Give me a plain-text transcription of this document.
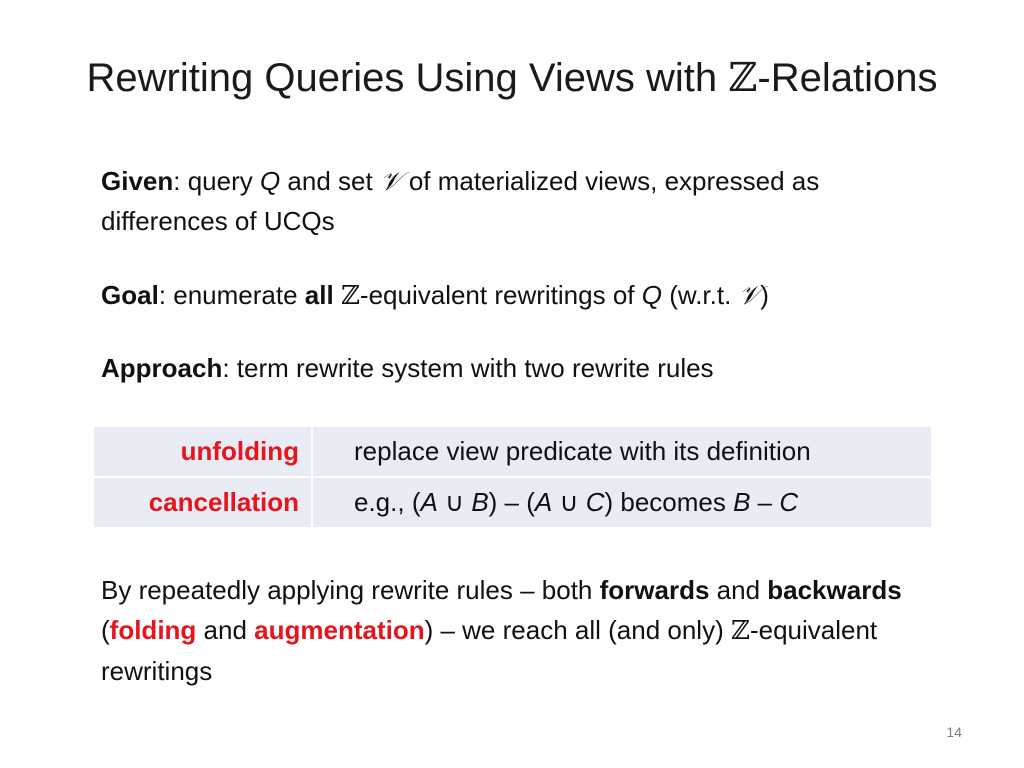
Rewriting Queries Using Views with ℤ-Relations
Given: query Q and set 𝒱 of materialized views, expressed as differences of UCQs
Goal: enumerate all ℤ-equivalent rewritings of Q (w.r.t. 𝒱)
Approach: term rewrite system with two rewrite rules
unfolding	replace view predicate with its definition
cancellation	e.g., (A ∪ B) – (A ∪ C) becomes B – C
By repeatedly applying rewrite rules – both forwards and backwards (folding and augmentation) – we reach all (and only) ℤ-equivalent rewritings
14
